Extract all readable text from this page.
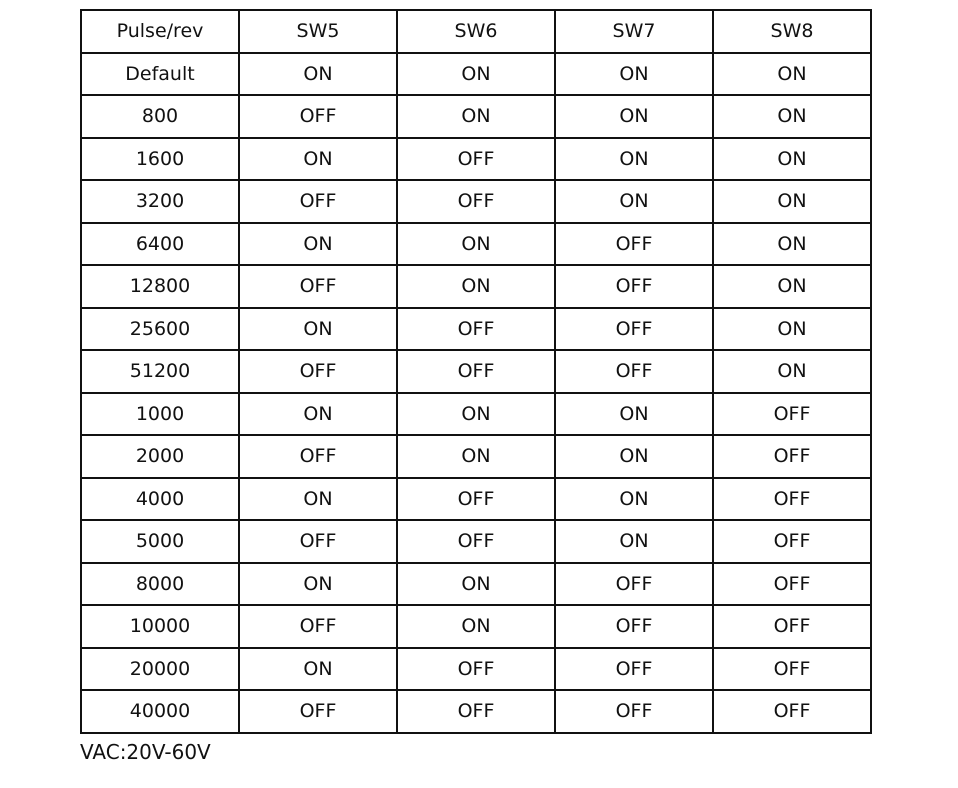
Pulse/rev	SW5	SW6	SW7	SW8
Default	ON	ON	ON	ON
800	OFF	ON	ON	ON
1600	ON	OFF	ON	ON
3200	OFF	OFF	ON	ON
6400	ON	ON	OFF	ON
12800	OFF	ON	OFF	ON
25600	ON	OFF	OFF	ON
51200	OFF	OFF	OFF	ON
1000	ON	ON	ON	OFF
2000	OFF	ON	ON	OFF
4000	ON	OFF	ON	OFF
5000	OFF	OFF	ON	OFF
8000	ON	ON	OFF	OFF
10000	OFF	ON	OFF	OFF
20000	ON	OFF	OFF	OFF
40000	OFF	OFF	OFF	OFF
VAC:20V-60V
